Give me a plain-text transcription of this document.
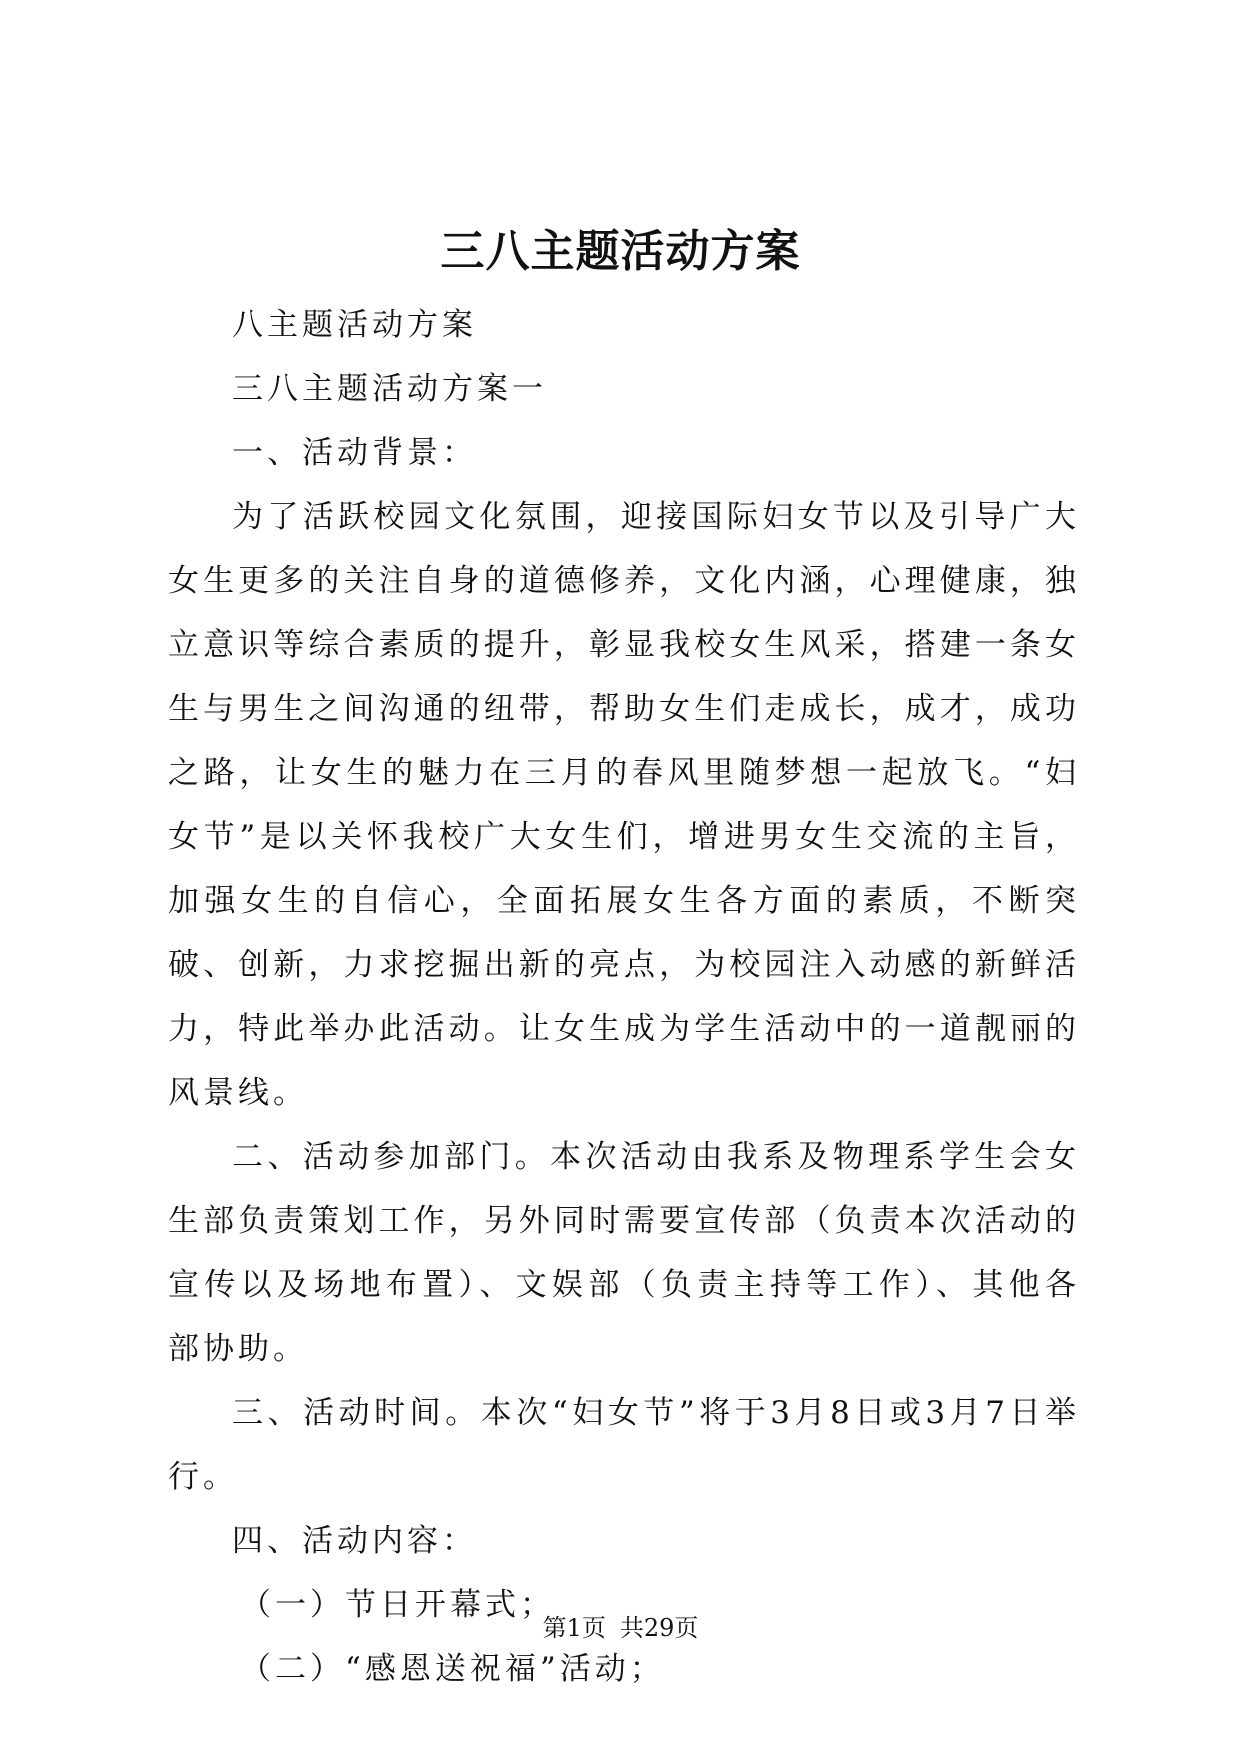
三八主题活动方案

八主题活动方案

三八主题活动方案一

一、活动背景：

为了活跃校园文化氛围，迎接国际妇女节以及引导广大女生更多的关注自身的道德修养，文化内涵，心理健康，独立意识等综合素质的提升，彰显我校女生风采，搭建一条女生与男生之间沟通的纽带，帮助女生们走成长，成才，成功之路，让女生的魅力在三月的春风里随梦想一起放飞。“妇女节”是以关怀我校广大女生们，增进男女生交流的主旨，加强女生的自信心，全面拓展女生各方面的素质，不断突破、创新，力求挖掘出新的亮点，为校园注入动感的新鲜活力，特此举办此活动。让女生成为学生活动中的一道靓丽的风景线。

二、活动参加部门。本次活动由我系及物理系学生会女生部负责策划工作，另外同时需要宣传部（负责本次活动的宣传以及场地布置）、文娱部（负责主持等工作）、其他各部协助。

三、活动时间。本次“妇女节”将于3月8日或3月7日举行。

四、活动内容：

（一）节日开幕式；

（二）“感恩送祝福”活动；

第1页 共29页
